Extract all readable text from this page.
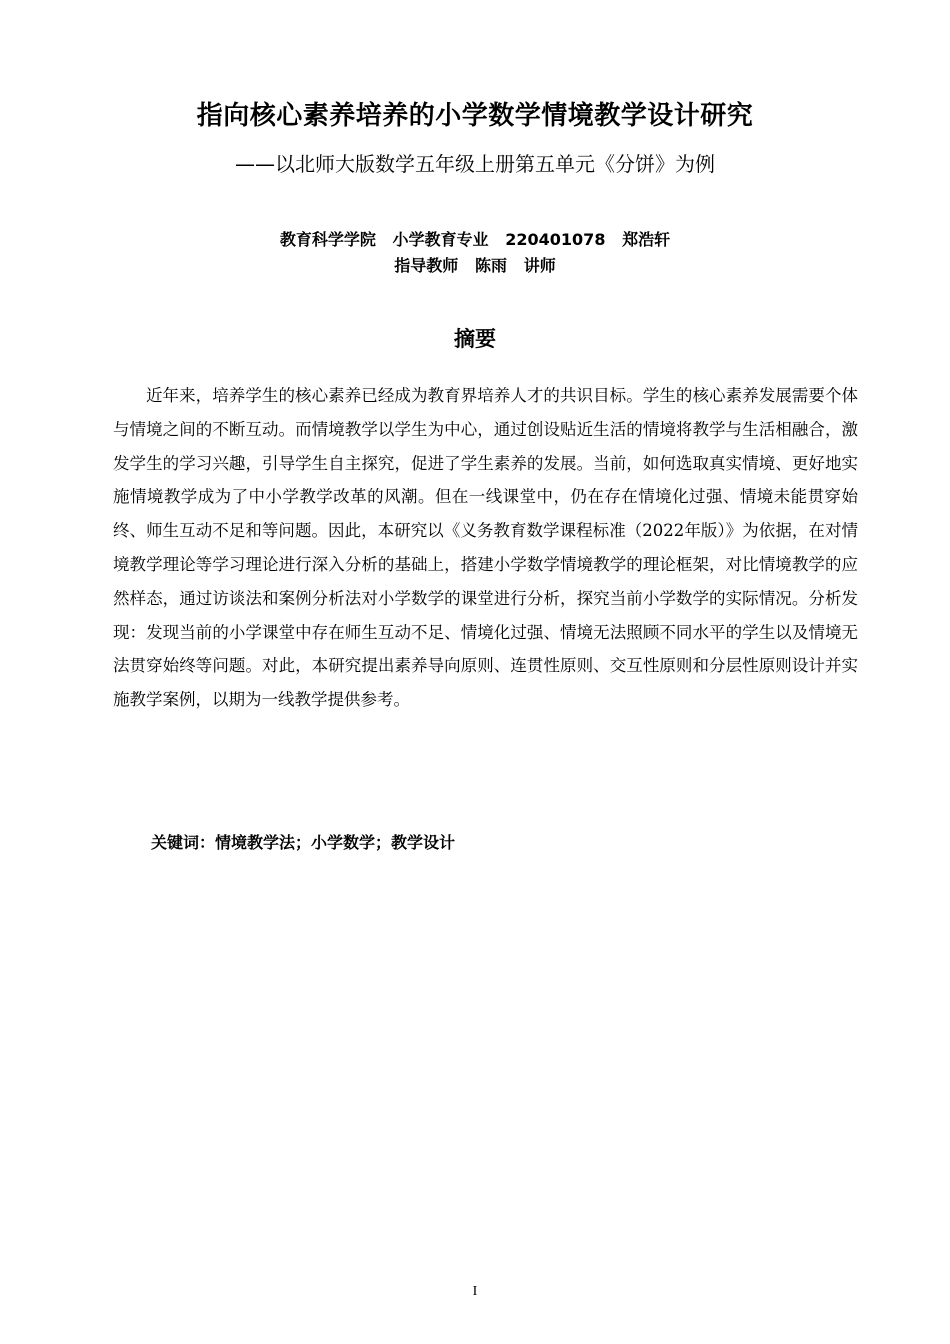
指向核心素养培养的小学数学情境教学设计研究
——以北师大版数学五年级上册第五单元《分饼》为例
教育科学学院   小学教育专业   220401078   郑浩轩
指导教师   陈雨   讲师
摘要

近年来，培养学生的核心素养已经成为教育界培养人才的共识目标。学生的核心素养发展需要个体与情境之间的不断互动。而情境教学以学生为中心，通过创设贴近生活的情境将教学与生活相融合，激发学生的学习兴趣，引导学生自主探究，促进了学生素养的发展。当前，如何选取真实情境、更好地实施情境教学成为了中小学教学改革的风潮。但在一线课堂中，仍在存在情境化过强、情境未能贯穿始终、师生互动不足和等问题。因此，本研究以《义务教育数学课程标准（2022年版）》为依据，在对情境教学理论等学习理论进行深入分析的基础上，搭建小学数学情境教学的理论框架，对比情境教学的应然样态，通过访谈法和案例分析法对小学数学的课堂进行分析，探究当前小学数学的实际情况。分析发现：发现当前的小学课堂中存在师生互动不足、情境化过强、情境无法照顾不同水平的学生以及情境无法贯穿始终等问题。对此，本研究提出素养导向原则、连贯性原则、交互性原则和分层性原则设计并实施教学案例，以期为一线教学提供参考。

关键词：情境教学法；小学数学；教学设计
I
